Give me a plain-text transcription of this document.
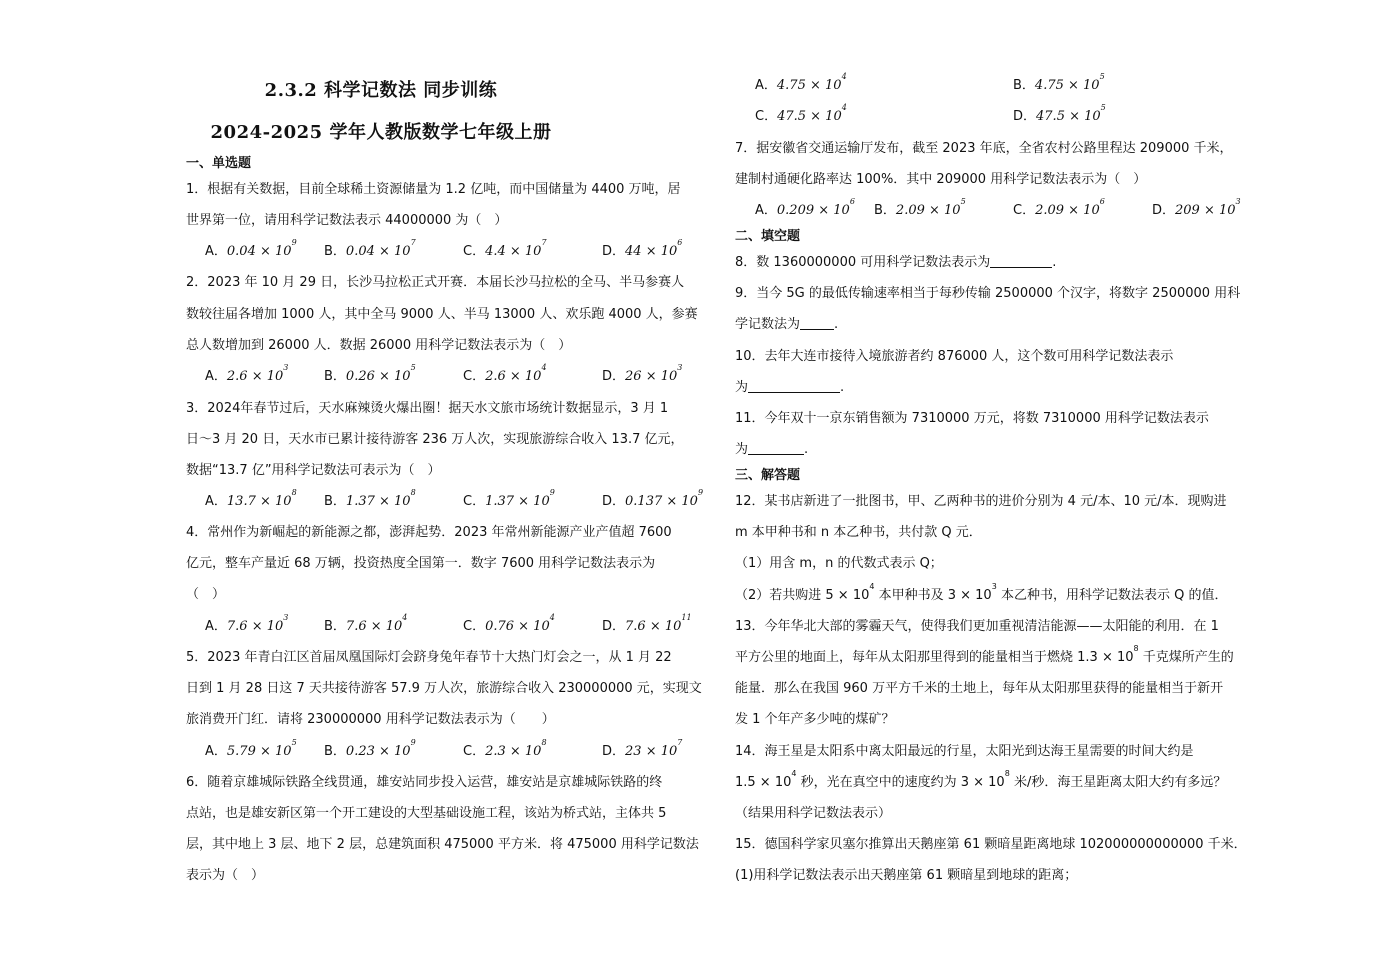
2.3.2 科学记数法 同步训练
2024-2025 学年人教版数学七年级上册
一、单选题
1．根据有关数据，目前全球稀土资源储量为 1.2 亿吨，而中国储量为 4400 万吨，居
世界第一位，请用科学记数法表示 44000000 为（　）
A．$0.04 \times 10^9$
B．$0.04 \times 10^7$
C．$4.4 \times 10^7$
D．$44 \times 10^6$
2．2023 年 10 月 29 日，长沙马拉松正式开赛．本届长沙马拉松的全马、半马参赛人
数较往届各增加 1000 人，其中全马 9000 人、半马 13000 人、欢乐跑 4000 人，参赛
总人数增加到 26000 人．数据 26000 用科学记数法表示为（　）
A．$2.6 \times 10^3$
B．$0.26 \times 10^5$
C．$2.6 \times 10^4$
D．$26 \times 10^3$
3．2024年春节过后，天水麻辣烫火爆出圈！据天水文旅市场统计数据显示，3 月 1
日～3 月 20 日，天水市已累计接待游客 236 万人次，实现旅游综合收入 13.7 亿元，
数据“13.7 亿”用科学记数法可表示为（　）
A．$13.7 \times 10^8$
B．$1.37 \times 10^8$
C．$1.37 \times 10^9$
D．$0.137 \times 10^9$
4．常州作为新崛起的新能源之都，澎湃起势．2023 年常州新能源产业产值超 7600
亿元，整车产量近 68 万辆，投资热度全国第一．数字 7600 用科学记数法表示为
（　）
A．$7.6 \times 10^3$
B．$7.6 \times 10^4$
C．$0.76 \times 10^4$
D．$7.6 \times 10^{11}$
5．2023 年青白江区首届凤凰国际灯会跻身兔年春节十大热门灯会之一，从 1 月 22
日到 1 月 28 日这 7 天共接待游客 57.9 万人次，旅游综合收入 230000000 元，实现文
旅消费开门红．请将 230000000 用科学记数法表示为（　　）
A．$5.79 \times 10^5$
B．$0.23 \times 10^9$
C．$2.3 \times 10^8$
D．$23 \times 10^7$
6．随着京雄城际铁路全线贯通，雄安站同步投入运营，雄安站是京雄城际铁路的终
点站，也是雄安新区第一个开工建设的大型基础设施工程，该站为桥式站，主体共 5
层，其中地上 3 层、地下 2 层，总建筑面积 475000 平方米．将 475000 用科学记数法
表示为（　）
A．$4.75 \times 10^4$
B．$4.75 \times 10^5$
C．$47.5 \times 10^4$
D．$47.5 \times 10^5$
7．据安徽省交通运输厅发布，截至 2023 年底，全省农村公路里程达 209000 千米，
建制村通硬化路率达 100%．其中 209000 用科学记数法表示为（　）
A．$0.209 \times 10^6$
B．$2.09 \times 10^5$
C．$2.09 \times 10^6$
D．$209 \times 10^3$
二、填空题
8．数 1360000000 可用科学记数法表示为	.
9．当今 5G 的最低传输速率相当于每秒传输 2500000 个汉字，将数字 2500000 用科
学记数法为	.
10．去年大连市接待入境旅游者约 876000 人，这个数可用科学记数法表示
为	.
11．今年双十一京东销售额为 7310000 万元，将数 7310000 用科学记数法表示
为	.
三、解答题
12．某书店新进了一批图书，甲、乙两种书的进价分别为 4 元/本、10 元/本．现购进
m 本甲种书和 n 本乙种书，共付款 Q 元．
（1）用含 m，n 的代数式表示 Q；
（2）若共购进 $5 \times 10^4$ 本甲种书及 $3 \times 10^3$ 本乙种书，用科学记数法表示 Q 的值．
13．今年华北大部的雾霾天气，使得我们更加重视清洁能源——太阳能的利用．在 1
平方公里的地面上，每年从太阳那里得到的能量相当于燃烧 $1.3 \times 10^8$ 千克煤所产生的
能量．那么在我国 960 万平方千米的土地上，每年从太阳那里获得的能量相当于新开
发 1 个年产多少吨的煤矿？
14．海王星是太阳系中离太阳最远的行星，太阳光到达海王星需要的时间大约是
$1.5 \times 10^4$ 秒，光在真空中的速度约为 $3 \times 10^8$ 米/秒．海王星距离太阳大约有多远？
（结果用科学记数法表示）
15．德国科学家贝塞尔推算出天鹅座第 61 颗暗星距离地球 102000000000000 千米．
(1)用科学记数法表示出天鹅座第 61 颗暗星到地球的距离；
